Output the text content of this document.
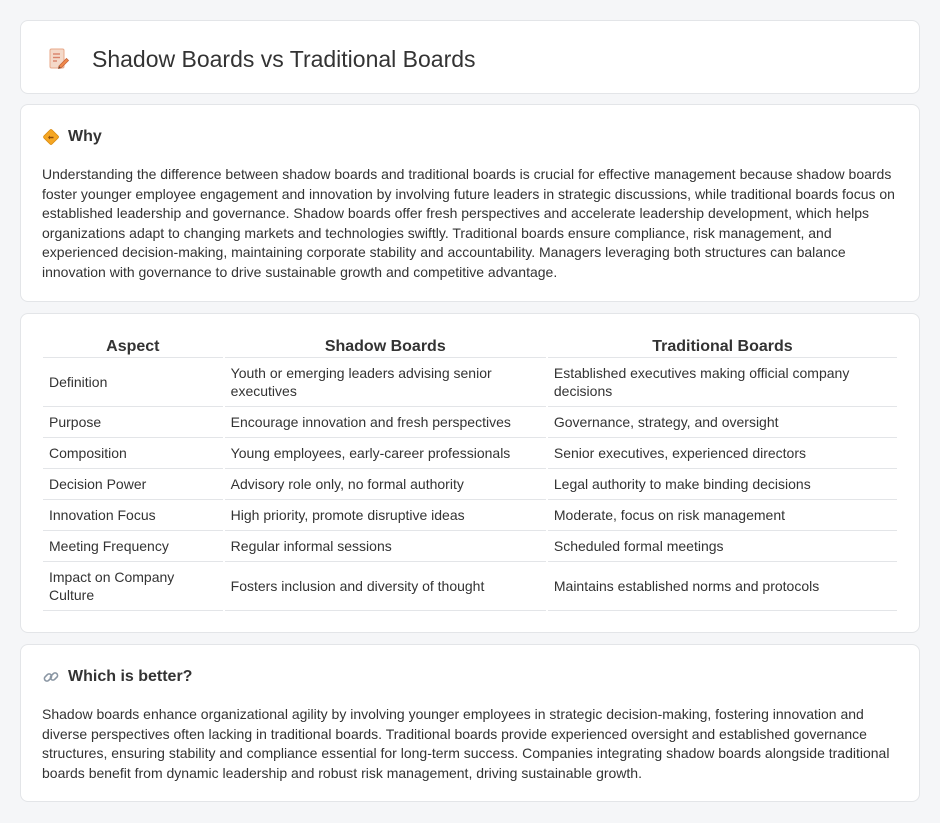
Shadow Boards vs Traditional Boards
Why

Understanding the difference between shadow boards and traditional boards is crucial for effective management because shadow boards foster younger employee engagement and innovation by involving future leaders in strategic discussions, while traditional boards focus on established leadership and governance. Shadow boards offer fresh perspectives and accelerate leadership development, which helps organizations adapt to changing markets and technologies swiftly. Traditional boards ensure compliance, risk management, and experienced decision-making, maintaining corporate stability and accountability. Managers leveraging both structures can balance innovation with governance to drive sustainable growth and competitive advantage.

Aspect	Shadow Boards	Traditional Boards
Definition	Youth or emerging leaders advising senior executives	Established executives making official company decisions
Purpose	Encourage innovation and fresh perspectives	Governance, strategy, and oversight
Composition	Young employees, early-career professionals	Senior executives, experienced directors
Decision Power	Advisory role only, no formal authority	Legal authority to make binding decisions
Innovation Focus	High priority, promote disruptive ideas	Moderate, focus on risk management
Meeting Frequency	Regular informal sessions	Scheduled formal meetings
Impact on Company Culture	Fosters inclusion and diversity of thought	Maintains established norms and protocols
Which is better?

Shadow boards enhance organizational agility by involving younger employees in strategic decision-making, fostering innovation and diverse perspectives often lacking in traditional boards. Traditional boards provide experienced oversight and established governance structures, ensuring stability and compliance essential for long-term success. Companies integrating shadow boards alongside traditional boards benefit from dynamic leadership and robust risk management, driving sustainable growth.
